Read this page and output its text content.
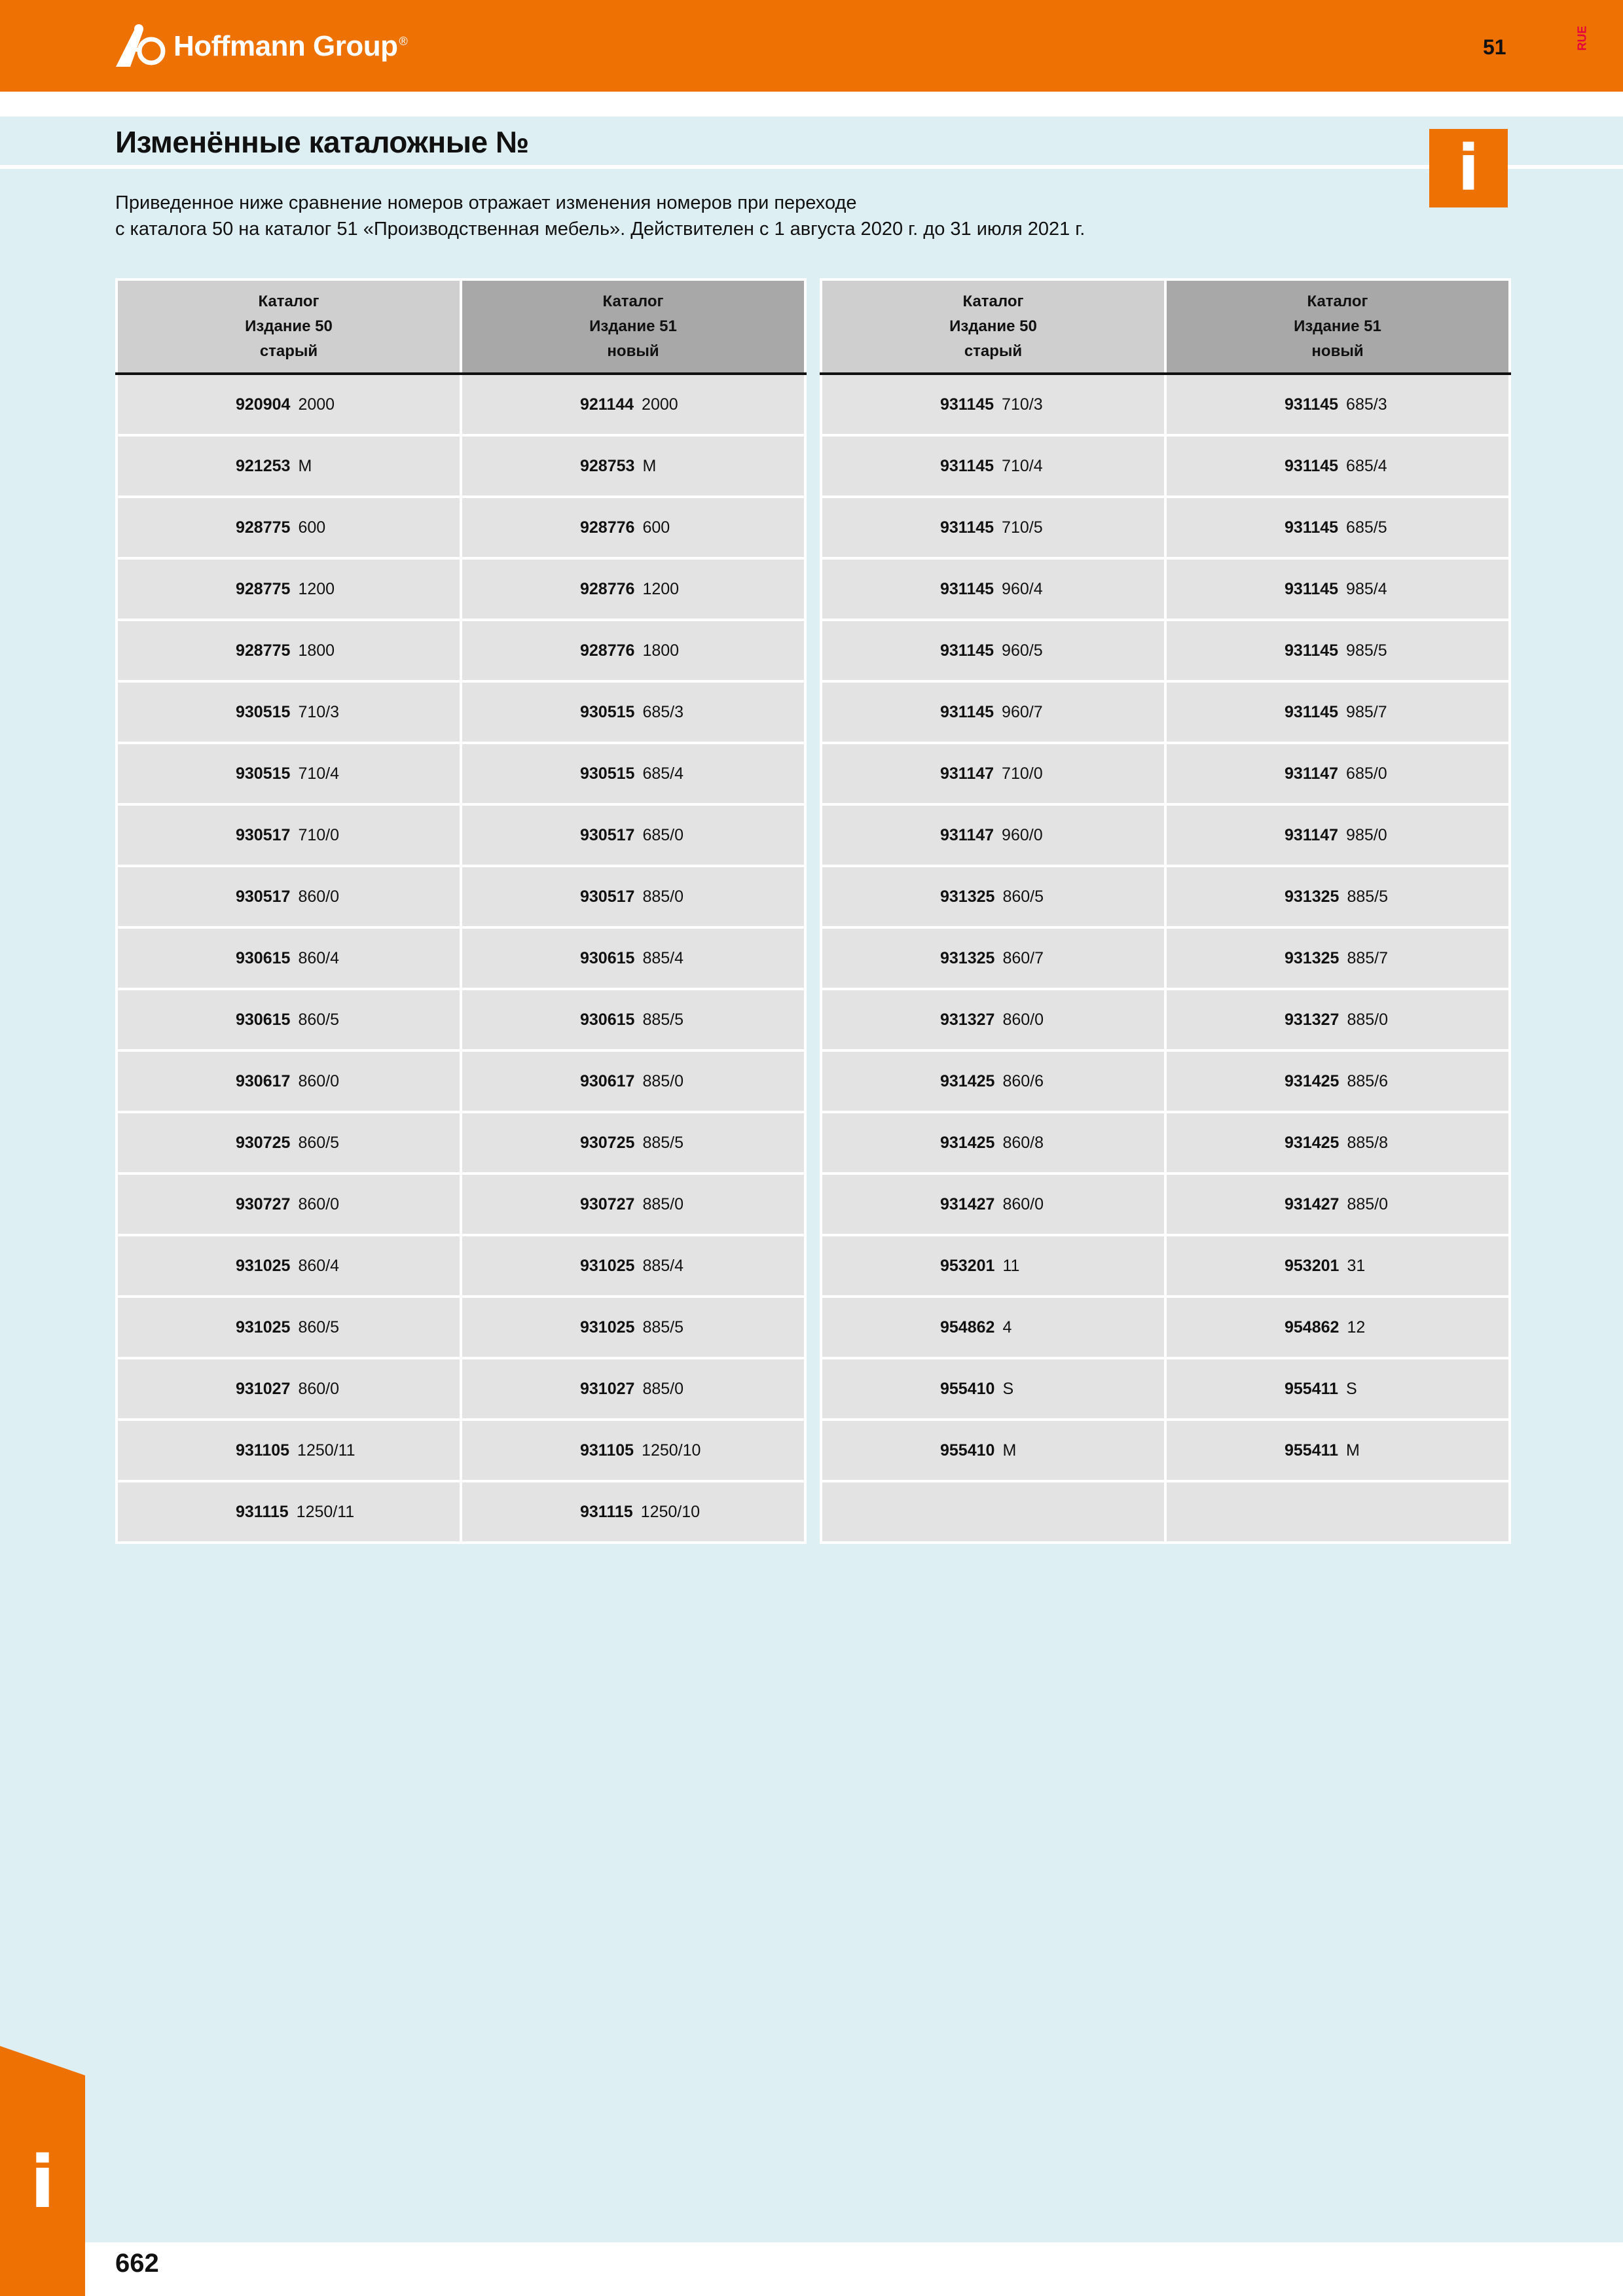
Hoffmann Group ®	51	RUE
Изменённые каталожные №	i

Приведенное ниже сравнение номеров отражает изменения номеров при переходе

с каталога 50 на каталог 51 «Производственная мебель». Действителен с 1 августа 2020 г. до 31 июля 2021 г.

Каталог
Издание 50
старый	Каталог
Издание 51
новый

920904 2000	921144 2000

921253 M	928753 M

928775 600	928776 600

928775 1200	928776 1200

928775 1800	928776 1800

930515 710/3	930515 685/3

930515 710/4	930515 685/4

930517 710/0	930517 685/0

930517 860/0	930517 885/0

930615 860/4	930615 885/4

930615 860/5	930615 885/5

930617 860/0	930617 885/0

930725 860/5	930725 885/5

930727 860/0	930727 885/0

931025 860/4	931025 885/4

931025 860/5	931025 885/5

931027 860/0	931027 885/0

931105 1250/11	931105 1250/10

931115 1250/11	931115 1250/10
Каталог
Издание 50
старый	Каталог
Издание 51
новый

931145 710/3	931145 685/3

931145 710/4	931145 685/4

931145 710/5	931145 685/5

931145 960/4	931145 985/4

931145 960/5	931145 985/5

931145 960/7	931145 985/7

931147 710/0	931147 685/0

931147 960/0	931147 985/0

931325 860/5	931325 885/5

931325 860/7	931325 885/7

931327 860/0	931327 885/0

931425 860/6	931425 885/6

931425 860/8	931425 885/8

931427 860/0	931427 885/0

953201 11	953201 31

954862 4	954862 12

955410 S	955411 S

955410 M	955411 M

i
662
